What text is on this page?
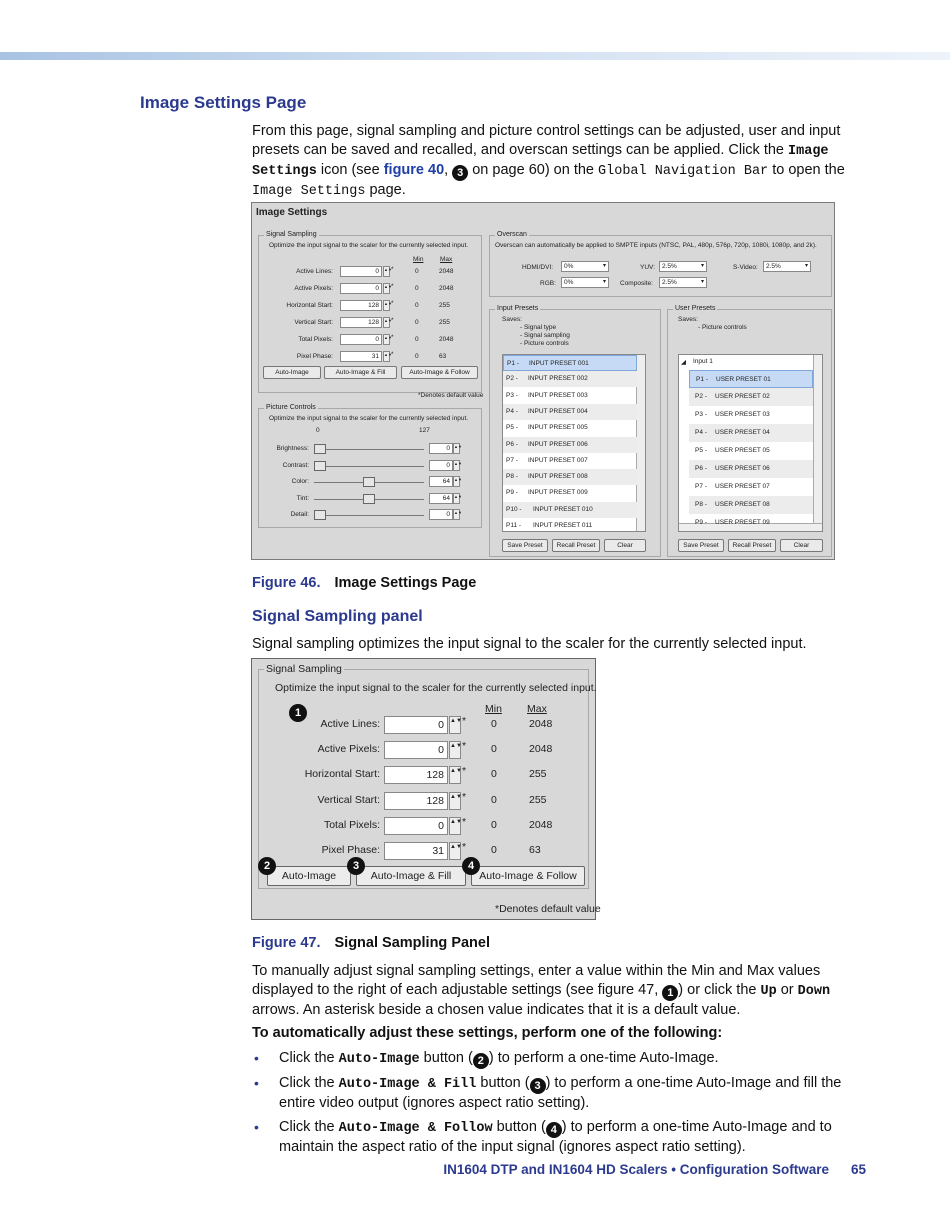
Image Settings Page
From this page, signal sampling and picture control settings can be adjusted, user and input presets can be saved and recalled, and overscan settings can be applied. Click the Image Settings icon (see figure 40, 3 on page 60) on the Global Navigation Bar to open the Image Settings page.
Image Settings
Signal Sampling
Optimize the input signal to the scaler for the currently selected input.
Min	Max
Auto-Image	Auto-Image & Fill	Auto-Image & Follow
Active Lines:	0	▲▼ *	0	2048
Active Pixels:	0	▲▼ *	0	2048
Horizontal Start:	128	▲▼ *	0	255
Vertical Start:	128	▲▼ *	0	255
Total Pixels:	0	▲▼ *	0	2048
Pixel Phase:	31	▲▼ *	0	63
*Denotes default value
Picture Controls
Optimize the input signal to the scaler for the currently selected input.
0	127
Brightness:	0	▲▼
Contrast:	0	▲▼
Color:	64	▲▼
Tint:	64	▲▼
Detail:	0	▲▼
Overscan
Overscan can automatically be applied to SMPTE inputs (NTSC, PAL, 480p, 576p, 720p, 1080i, 1080p, and 2k).
HDMI/DVI:	0% ▾
RGB:	0% ▾
YUV:	2.5% ▾
Composite:	2.5% ▾
S-Video:	2.5% ▾
Input Presets
Saves:
- Signal type
- Signal sampling
- Picture controls
P1 - INPUT PRESET 001
P2 - INPUT PRESET 002
P3 - INPUT PRESET 003
P4 - INPUT PRESET 004
P5 - INPUT PRESET 005
P6 - INPUT PRESET 006
P7 - INPUT PRESET 007
P8 - INPUT PRESET 008
P9 - INPUT PRESET 009
P10 - INPUT PRESET 010
P11 - INPUT PRESET 011
Save Preset	Recall Preset	Clear
User Presets
Saves:
- Picture controls
◢ Input 1
P1 - USER PRESET 01
P2 - USER PRESET 02
P3 - USER PRESET 03
P4 - USER PRESET 04
P5 - USER PRESET 05
P6 - USER PRESET 06
P7 - USER PRESET 07
P8 - USER PRESET 08
P9 - USER PRESET 09
Save Preset	Recall Preset	Clear
Figure 46. Image Settings Page
Signal Sampling panel
Signal sampling optimizes the input signal to the scaler for the currently selected input.
Signal Sampling
Optimize the input signal to the scaler for the currently selected input.
Min Max
Auto-Image	Auto-Image & Fill	Auto-Image & Follow
Active Lines:	0	▲▼ * 0	2048
Active Pixels:	0	▲▼ * 0	2048
Horizontal Start:	128	▲▼ * 0	255
Vertical Start:	128	▲▼ * 0	255
Total Pixels:	0	▲▼ * 0	2048
Pixel Phase:	31	▲▼ * 0	63
1
2	3	4
*Denotes default value
Figure 47. Signal Sampling Panel
To manually adjust signal sampling settings, enter a value within the Min and Max values displayed to the right of each adjustable settings (see figure 47, 1 ) or click the Up or Down arrows. An asterisk beside a chosen value indicates that it is a default value.
To automatically adjust these settings, perform one of the following:
• Click the Auto-Image button ( 2 ) to perform a one-time Auto-Image.
• Click the Auto-Image & Fill button ( 3 ) to perform a one-time Auto-Image and fill the entire video output (ignores aspect ratio setting).
• Click the Auto-Image & Follow button ( 4 ) to perform a one-time Auto-Image and to maintain the aspect ratio of the input signal (ignores aspect ratio setting).
IN1604 DTP and IN1604 HD Scalers • Configuration Software 65
